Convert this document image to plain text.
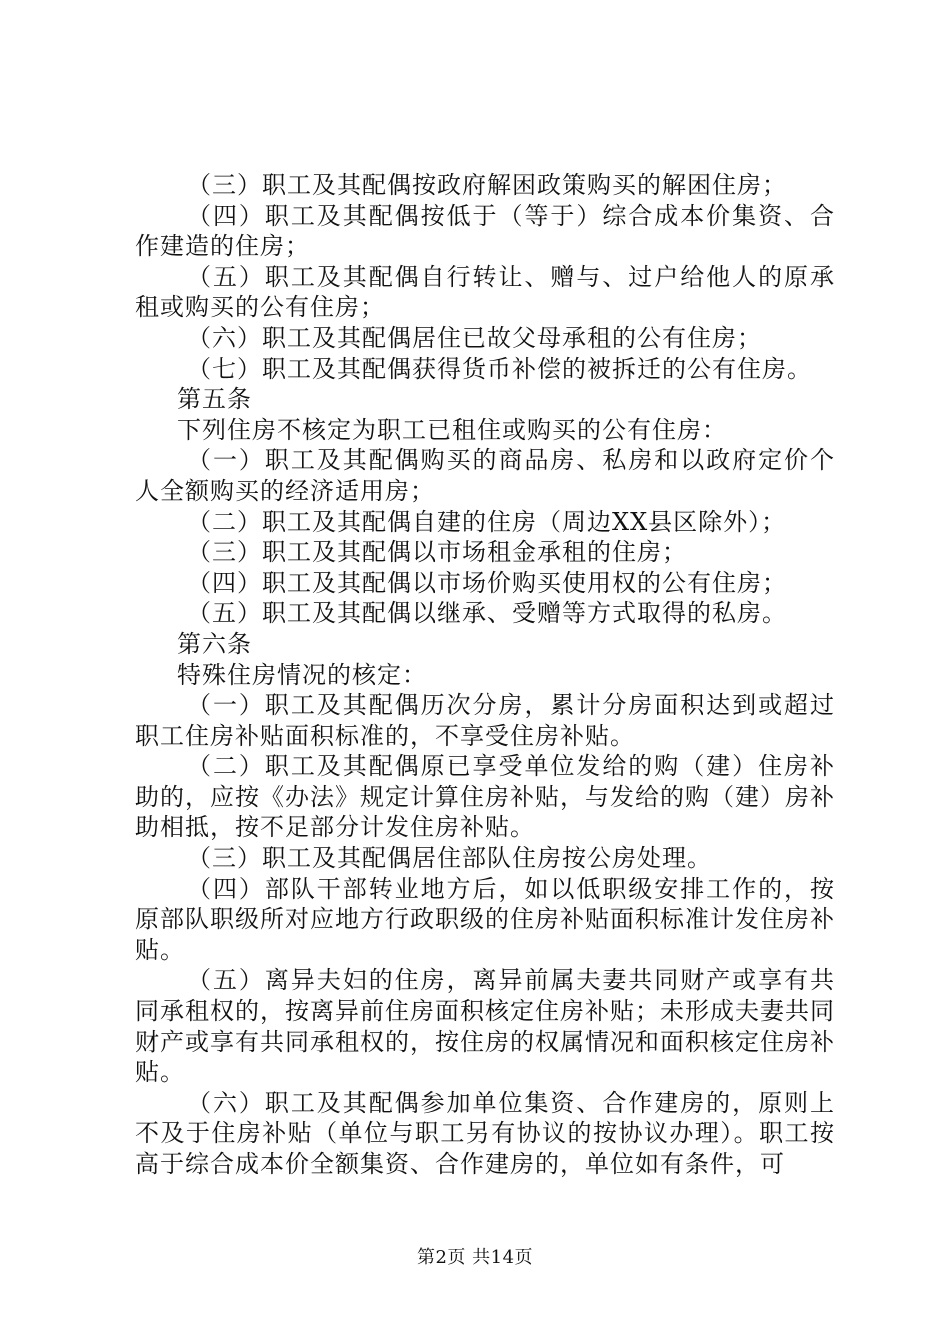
（三）职工及其配偶按政府解困政策购买的解困住房；

（四）职工及其配偶按低于（等于）综合成本价集资、合作建造的住房；

（五）职工及其配偶自行转让、赠与、过户给他人的原承租或购买的公有住房；

（六）职工及其配偶居住已故父母承租的公有住房；

（七）职工及其配偶获得货币补偿的被拆迁的公有住房。

第五条

下列住房不核定为职工已租住或购买的公有住房：

（一）职工及其配偶购买的商品房、私房和以政府定价个人全额购买的经济适用房；

（二）职工及其配偶自建的住房（周边XX县区除外）；

（三）职工及其配偶以市场租金承租的住房；

（四）职工及其配偶以市场价购买使用权的公有住房；

（五）职工及其配偶以继承、受赠等方式取得的私房。

第六条

特殊住房情况的核定：

（一）职工及其配偶历次分房，累计分房面积达到或超过职工住房补贴面积标准的，不享受住房补贴。

（二）职工及其配偶原已享受单位发给的购（建）住房补助的，应按《办法》规定计算住房补贴，与发给的购（建）房补助相抵，按不足部分计发住房补贴。

（三）职工及其配偶居住部队住房按公房处理。

（四）部队干部转业地方后，如以低职级安排工作的，按原部队职级所对应地方行政职级的住房补贴面积标准计发住房补贴。

（五）离异夫妇的住房，离异前属夫妻共同财产或享有共同承租权的，按离异前住房面积核定住房补贴；未形成夫妻共同财产或享有共同承租权的，按住房的权属情况和面积核定住房补贴。

（六）职工及其配偶参加单位集资、合作建房的，原则上不及于住房补贴（单位与职工另有协议的按协议办理）。职工按高于综合成本价全额集资、合作建房的，单位如有条件，可

第2页 共14页
